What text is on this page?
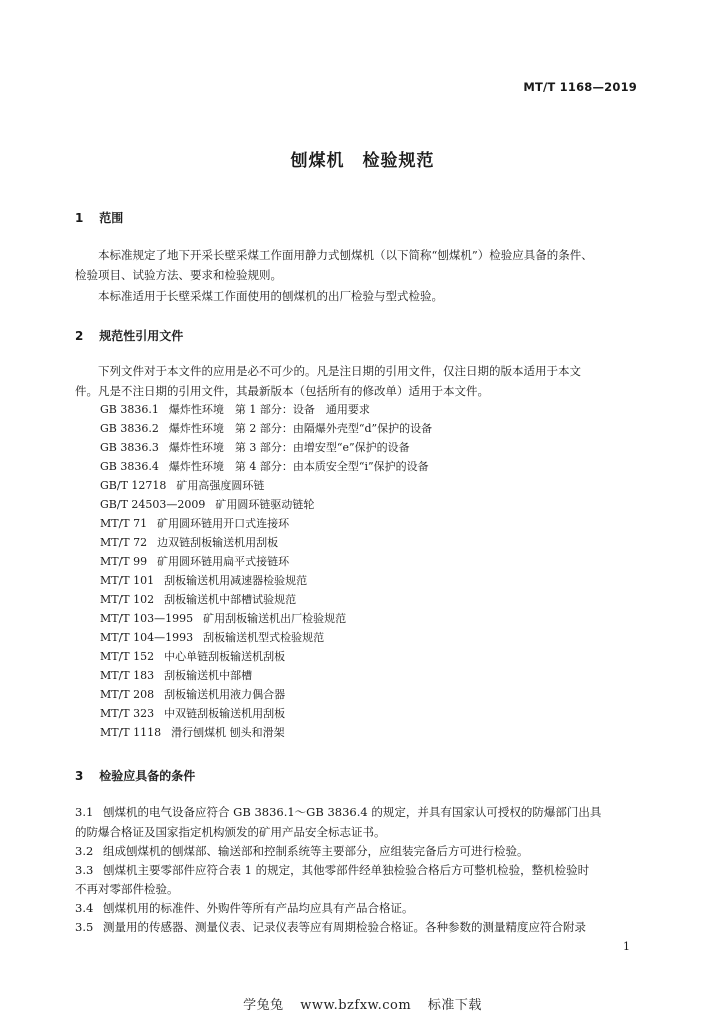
MT/T 1168—2019
刨煤机　检验规范
1 范围
　　本标准规定了地下开采长壁采煤工作面用静力式刨煤机（以下简称“刨煤机”）检验应具备的条件、
检验项目、试验方法、要求和检验规则。
　　本标准适用于长壁采煤工作面使用的刨煤机的出厂检验与型式检验。
2 规范性引用文件
　　下列文件对于本文件的应用是必不可少的。凡是注日期的引用文件，仅注日期的版本适用于本文
件。凡是不注日期的引用文件，其最新版本（包括所有的修改单）适用于本文件。
GB 3836.1 爆炸性环境　第 1 部分：设备　通用要求
GB 3836.2 爆炸性环境　第 2 部分：由隔爆外壳型“d”保护的设备
GB 3836.3 爆炸性环境　第 3 部分：由增安型“e”保护的设备
GB 3836.4 爆炸性环境　第 4 部分：由本质安全型“i”保护的设备
GB/T 12718 矿用高强度圆环链
GB/T 24503—2009 矿用圆环链驱动链轮
MT/T 71 矿用圆环链用开口式连接环
MT/T 72 边双链刮板输送机用刮板
MT/T 99 矿用圆环链用扁平式接链环
MT/T 101 刮板输送机用减速器检验规范
MT/T 102 刮板输送机中部槽试验规范
MT/T 103—1995 矿用刮板输送机出厂检验规范
MT/T 104—1993 刮板输送机型式检验规范
MT/T 152 中心单链刮板输送机刮板
MT/T 183 刮板输送机中部槽
MT/T 208 刮板输送机用液力偶合器
MT/T 323 中双链刮板输送机用刮板
MT/T 1118 滑行刨煤机 刨头和滑架
3 检验应具备的条件
3.1 刨煤机的电气设备应符合 GB 3836.1～GB 3836.4 的规定，并具有国家认可授权的防爆部门出具
的防爆合格证及国家指定机构颁发的矿用产品安全标志证书。
3.2 组成刨煤机的刨煤部、输送部和控制系统等主要部分，应组装完备后方可进行检验。
3.3 刨煤机主要零部件应符合表 1 的规定，其他零部件经单独检验合格后方可整机检验，整机检验时
不再对零部件检验。
3.4 刨煤机用的标准件、外购件等所有产品均应具有产品合格证。
3.5 测量用的传感器、测量仪表、记录仪表等应有周期检验合格证。各种参数的测量精度应符合附录
1
学兔兔 www.bzfxw.com 标准下载
